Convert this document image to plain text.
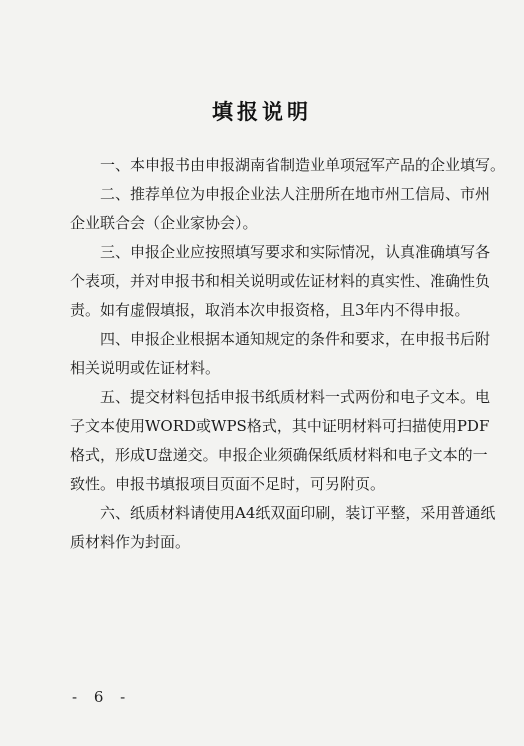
填报说明
一、本申报书由申报湖南省制造业单项冠军产品的企业填写。
二、推荐单位为申报企业法人注册所在地市州工信局、市州
企业联合会（企业家协会）。
三、申报企业应按照填写要求和实际情况，认真准确填写各
个表项，并对申报书和相关说明或佐证材料的真实性、准确性负
责。如有虚假填报，取消本次申报资格，且3年内不得申报。
四、申报企业根据本通知规定的条件和要求，在申报书后附
相关说明或佐证材料。
五、提交材料包括申报书纸质材料一式两份和电子文本。电
子文本使用WORD或WPS格式，其中证明材料可扫描使用PDF
格式，形成U盘递交。申报企业须确保纸质材料和电子文本的一
致性。申报书填报项目页面不足时，可另附页。
六、纸质材料请使用A4纸双面印刷，装订平整，采用普通纸
质材料作为封面。
- 6 -
